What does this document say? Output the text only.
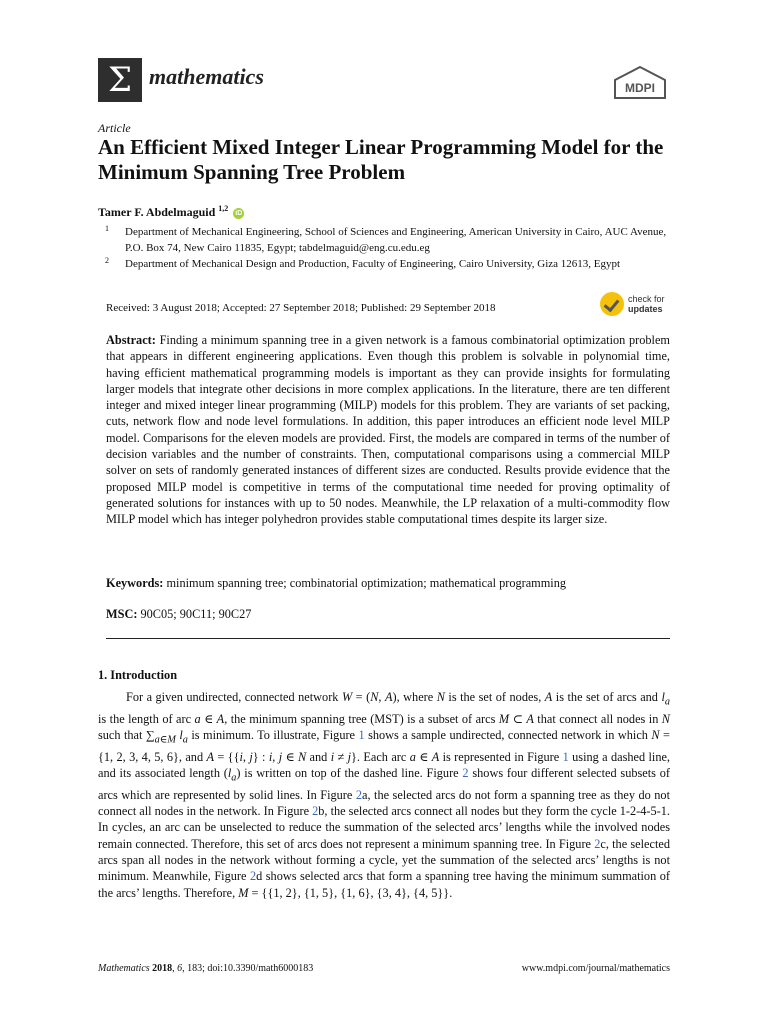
Σ mathematics	MDPI
Article
An Efficient Mixed Integer Linear Programming Model for the Minimum Spanning Tree Problem
Tamer F. Abdelmaguid $^{1,2}$ iD
1 Department of Mechanical Engineering, School of Sciences and Engineering, American University in Cairo, AUC Avenue, P.O. Box 74, New Cairo 11835, Egypt; tabdelmaguid@eng.cu.edu.eg
2 Department of Mechanical Design and Production, Faculty of Engineering, Cairo University, Giza 12613, Egypt
Received: 3 August 2018; Accepted: 27 September 2018; Published: 29 September 2018
check for
updates
Abstract: Finding a minimum spanning tree in a given network is a famous combinatorial optimization problem that appears in different engineering applications. Even though this problem is solvable in polynomial time, having efficient mathematical programming models is important as they can provide insights for formulating larger models that integrate other decisions in more complex applications. In the literature, there are ten different integer and mixed integer linear programming (MILP) models for this problem. They are variants of set packing, cuts, network flow and node level formulations. In addition, this paper introduces an efficient node level MILP model. Comparisons for the eleven models are provided. First, the models are compared in terms of the number of decision variables and the number of constraints. Then, computational comparisons using a commercial MILP solver on sets of randomly generated instances of different sizes are conducted. Results provide evidence that the proposed MILP model is competitive in terms of the computational time needed for proving optimality of generated solutions for instances with up to 50 nodes. Meanwhile, the LP relaxation of a multi-commodity flow MILP model which has integer polyhedron provides stable computational times despite its larger size.
Keywords: minimum spanning tree; combinatorial optimization; mathematical programming
MSC: 90C05; 90C11; 90C27
1. Introduction
For a given undirected, connected network W = (N, A), where N is the set of nodes, A is the set of arcs and $l_a$ is the length of arc a ∈ A, the minimum spanning tree (MST) is a subset of arcs M ⊂ A that connect all nodes in N such that $\sum_{a\in M}$ $l_a$ is minimum. To illustrate, Figure 1 shows a sample undirected, connected network in which N = {1, 2, 3, 4, 5, 6}, and A = {{i, j} : i, j ∈ N and i ≠ j}. Each arc a ∈ A is represented in Figure 1 using a dashed line, and its associated length $(l_a)$ is written on top of the dashed line. Figure 2 shows four different selected subsets of arcs which are represented by solid lines. In Figure 2a, the selected arcs do not form a spanning tree as they do not connect all nodes in the network. In Figure 2b, the selected arcs connect all nodes but they form the cycle 1-2-4-5-1. In cycles, an arc can be unselected to reduce the summation of the selected arcs’ lengths while the involved nodes remain connected. Therefore, this set of arcs does not represent a minimum spanning tree. In Figure 2c, the selected arcs span all nodes in the network without forming a cycle, yet the summation of the selected arcs’ lengths is not minimum. Meanwhile, Figure 2d shows selected arcs that form a spanning tree having the minimum summation of the arcs’ lengths. Therefore, M = {{1, 2}, {1, 5}, {1, 6}, {3, 4}, {4, 5}}.
Mathematics 2018, 6, 183; doi:10.3390/math6000183	www.mdpi.com/journal/mathematics
